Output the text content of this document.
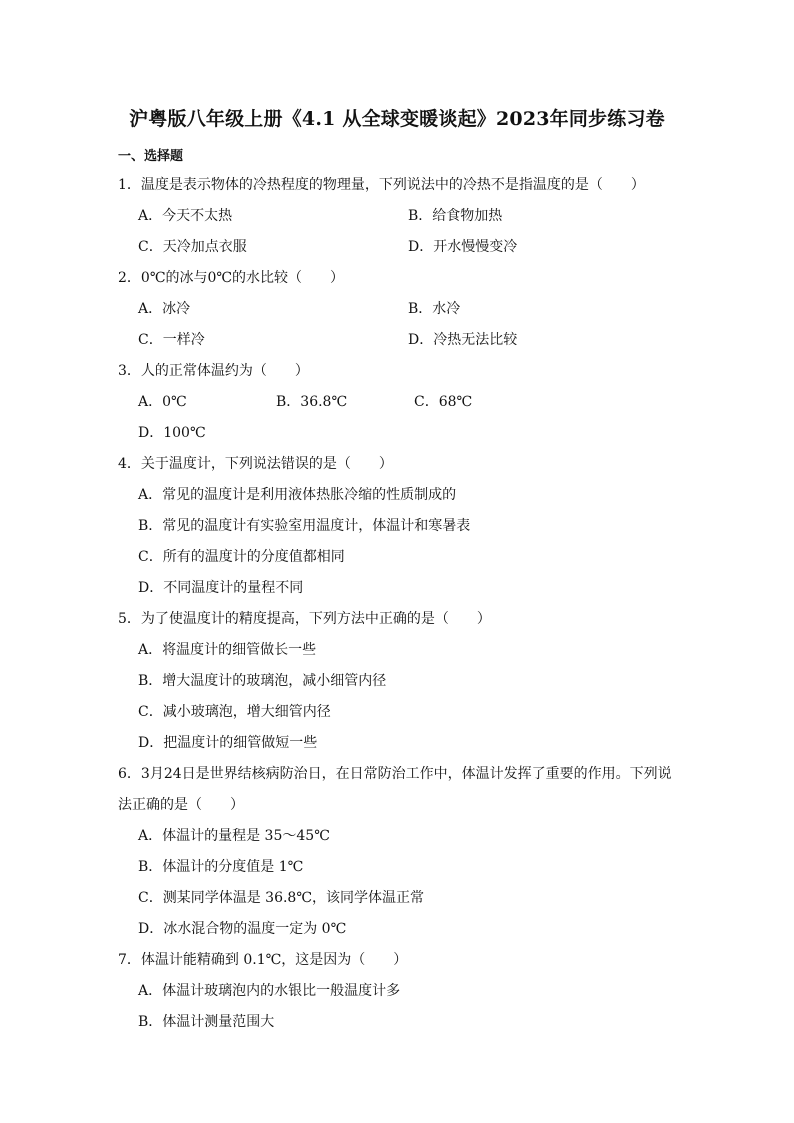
沪粤版八年级上册《4.1 从全球变暖谈起》2023年同步练习卷
一、选择题
1．温度是表示物体的冷热程度的物理量，下列说法中的冷热不是指温度的是（　　）
A．今天不太热	B．给食物加热
C．天冷加点衣服	D．开水慢慢变冷
2．0℃的冰与0℃的水比较（　　）
A．冰冷	B．水冷
C．一样冷	D．冷热无法比较
3．人的正常体温约为（　　）
A．0℃	B．36.8℃	C．68℃
D．100℃
4．关于温度计，下列说法错误的是（　　）
A．常见的温度计是利用液体热胀冷缩的性质制成的
B．常见的温度计有实验室用温度计，体温计和寒暑表
C．所有的温度计的分度值都相同
D．不同温度计的量程不同
5．为了使温度计的精度提高，下列方法中正确的是（　　）
A．将温度计的细管做长一些
B．增大温度计的玻璃泡，减小细管内径
C．减小玻璃泡，增大细管内径
D．把温度计的细管做短一些
6．3月24日是世界结核病防治日，在日常防治工作中，体温计发挥了重要的作用。下列说
法正确的是（　　）
A．体温计的量程是 35～45℃
B．体温计的分度值是 1℃
C．测某同学体温是 36.8℃，该同学体温正常
D．冰水混合物的温度一定为 0℃
7．体温计能精确到 0.1℃，这是因为（　　）
A．体温计玻璃泡内的水银比一般温度计多
B．体温计测量范围大
